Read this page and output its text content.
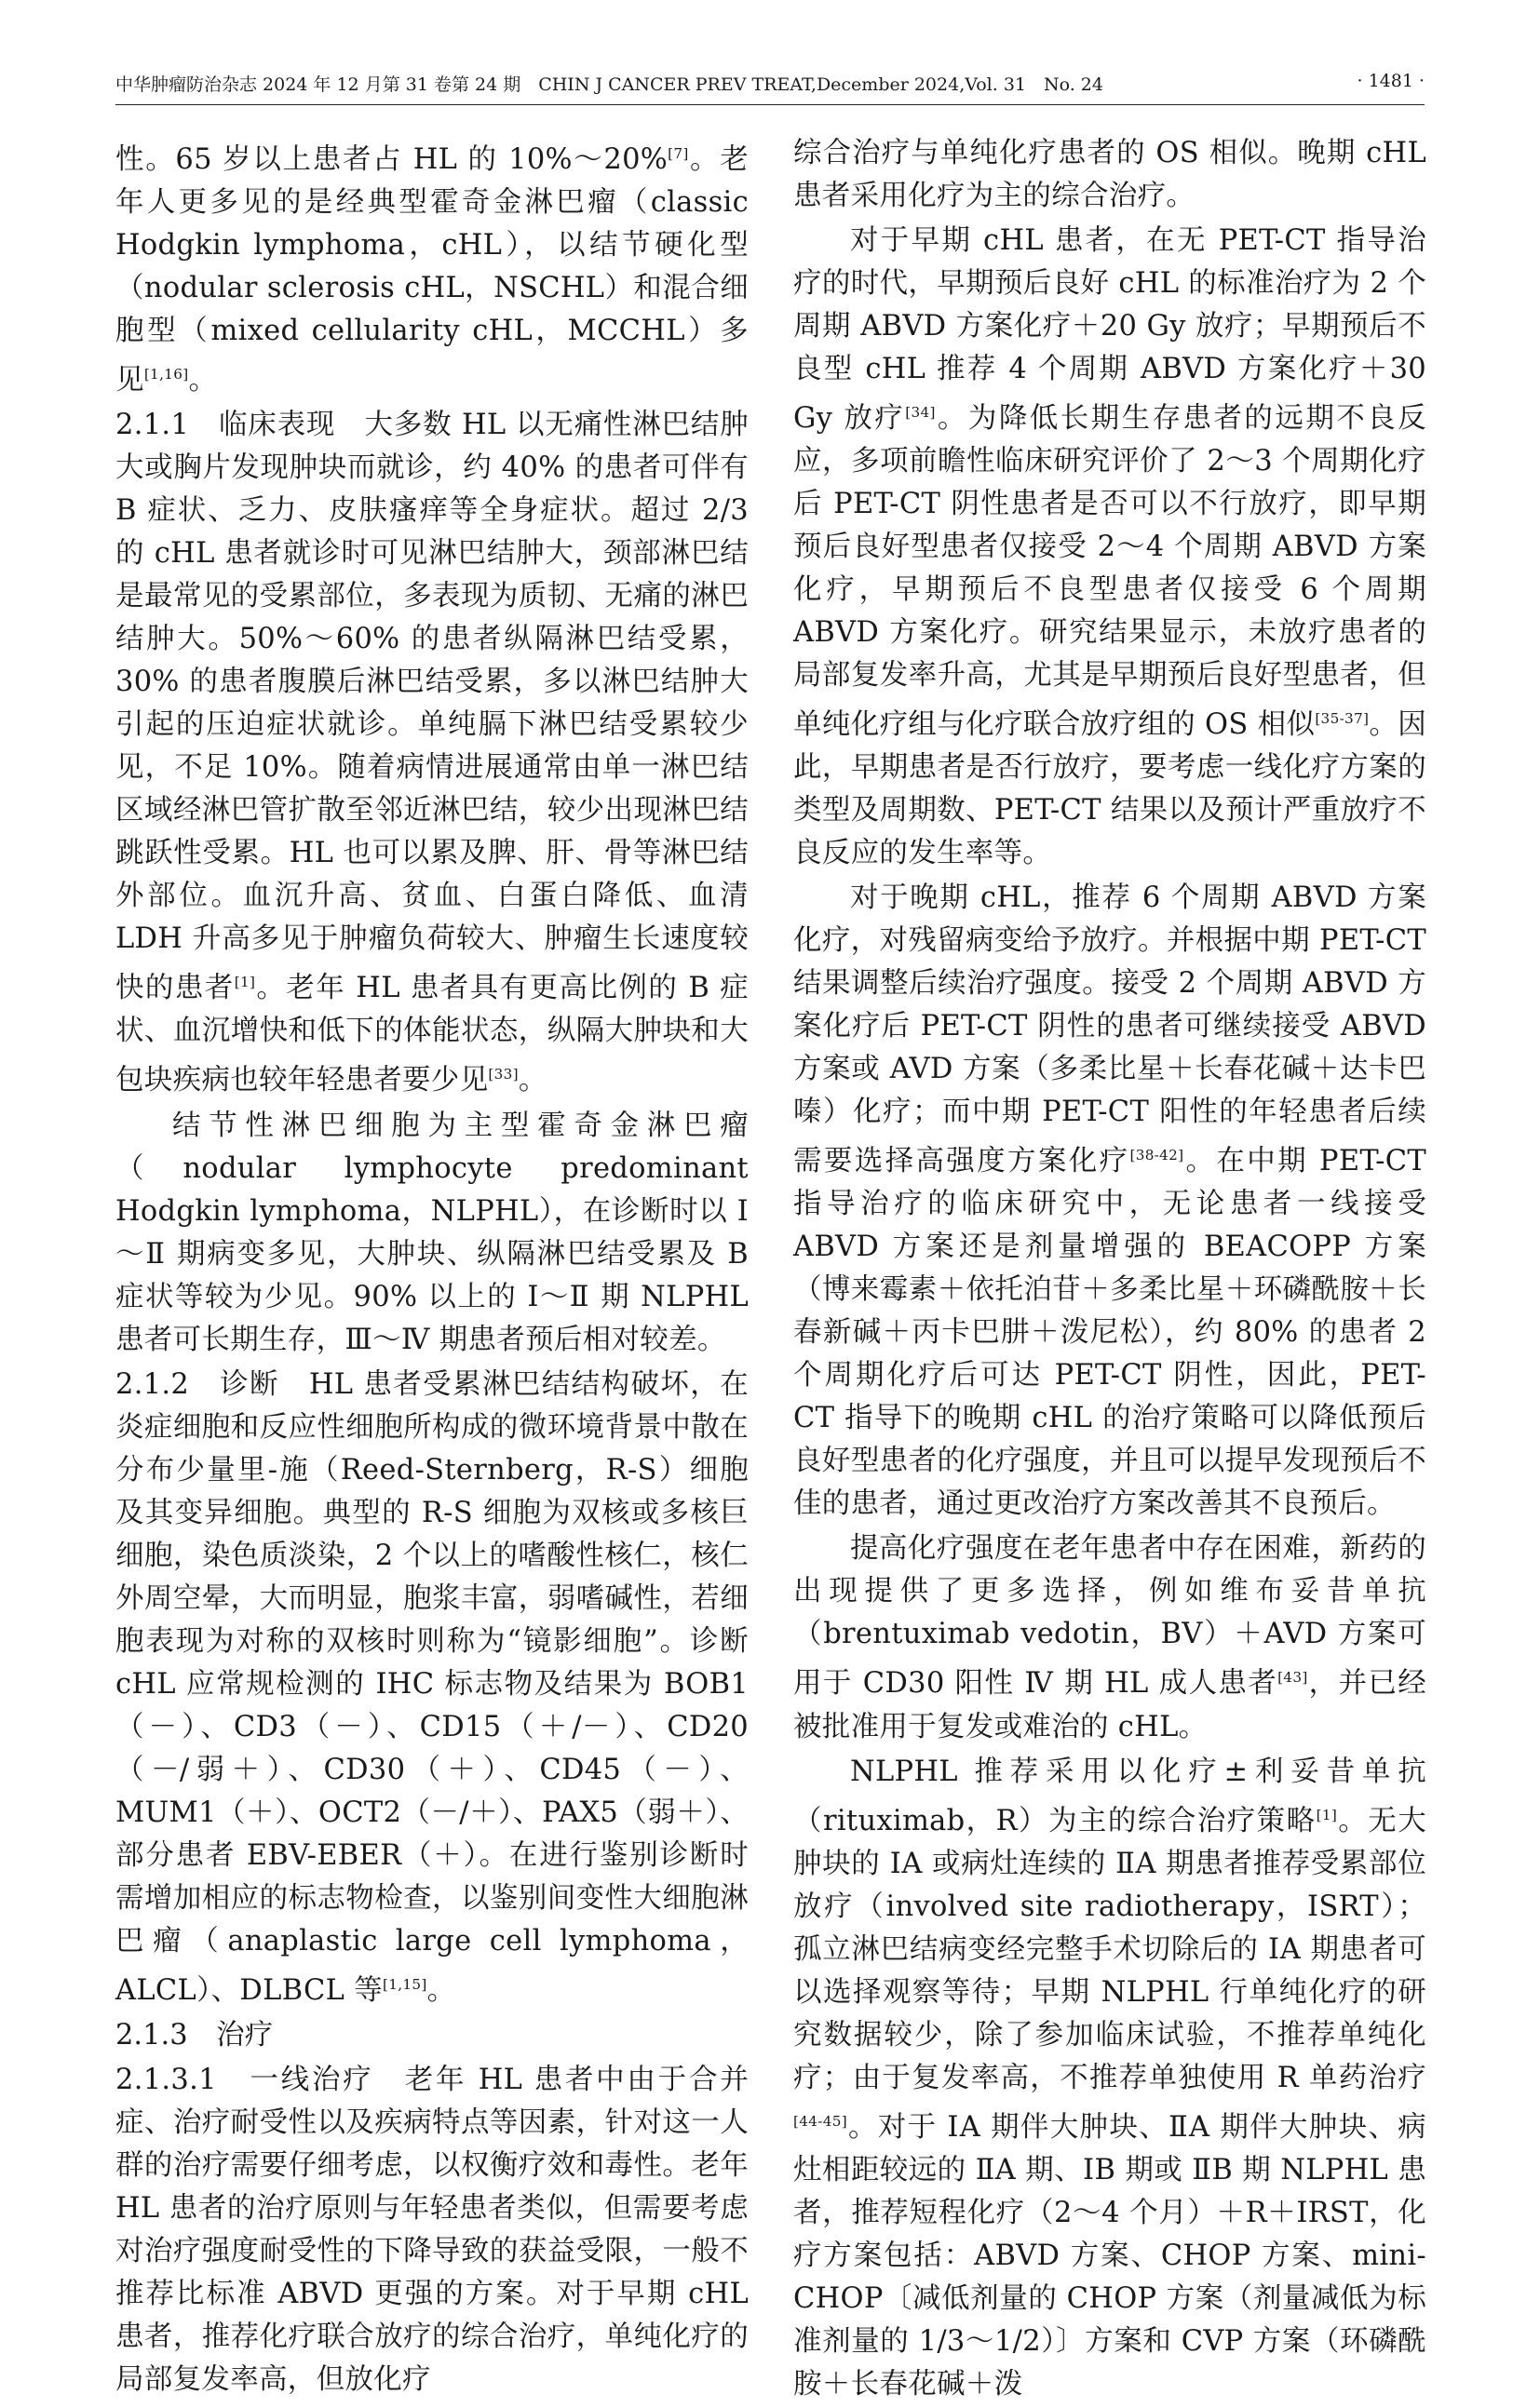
中华肿瘤防治杂志 2024 年 12 月第 31 卷第 24 期　CHIN J CANCER PREV TREAT,December 2024,Vol. 31　No. 24	· 1481 ·

性。65 岁以上患者占 HL 的 10%～20%[7]。老年人更多见的是经典型霍奇金淋巴瘤（classic Hodgkin lymphoma，cHL），以结节硬化型（nodular sclerosis cHL，NSCHL）和混合细胞型（mixed cellularity cHL，MCCHL）多见[1,16]。

2.1.1　临床表现　大多数 HL 以无痛性淋巴结肿大或胸片发现肿块而就诊，约 40% 的患者可伴有 B 症状、乏力、皮肤瘙痒等全身症状。超过 2/3 的 cHL 患者就诊时可见淋巴结肿大，颈部淋巴结是最常见的受累部位，多表现为质韧、无痛的淋巴结肿大。50%～60% 的患者纵隔淋巴结受累，30% 的患者腹膜后淋巴结受累，多以淋巴结肿大引起的压迫症状就诊。单纯膈下淋巴结受累较少见，不足 10%。随着病情进展通常由单一淋巴结区域经淋巴管扩散至邻近淋巴结，较少出现淋巴结跳跃性受累。HL 也可以累及脾、肝、骨等淋巴结外部位。血沉升高、贫血、白蛋白降低、血清 LDH 升高多见于肿瘤负荷较大、肿瘤生长速度较快的患者[1]。老年 HL 患者具有更高比例的 B 症状、血沉增快和低下的体能状态，纵隔大肿块和大包块疾病也较年轻患者要少见[33]。

结节性淋巴细胞为主型霍奇金淋巴瘤（nodular lymphocyte predominant Hodgkin lymphoma，NLPHL），在诊断时以 Ⅰ～Ⅱ 期病变多见，大肿块、纵隔淋巴结受累及 B 症状等较为少见。90% 以上的 Ⅰ～Ⅱ 期 NLPHL 患者可长期生存，Ⅲ～Ⅳ 期患者预后相对较差。

2.1.2　诊断　HL 患者受累淋巴结结构破坏，在炎症细胞和反应性细胞所构成的微环境背景中散在分布少量里-施（Reed-Sternberg，R-S）细胞及其变异细胞。典型的 R-S 细胞为双核或多核巨细胞，染色质淡染，2 个以上的嗜酸性核仁，核仁外周空晕，大而明显，胞浆丰富，弱嗜碱性，若细胞表现为对称的双核时则称为“镜影细胞”。诊断 cHL 应常规检测的 IHC 标志物及结果为 BOB1（－）、CD3（－）、CD15（＋/－）、CD20（－/弱＋）、CD30（＋）、CD45（－）、MUM1（＋）、OCT2（－/＋）、PAX5（弱＋）、部分患者 EBV-EBER（＋）。在进行鉴别诊断时需增加相应的标志物检查，以鉴别间变性大细胞淋巴瘤（anaplastic large cell lymphoma，ALCL）、DLBCL 等[1,15]。

2.1.3　治疗

2.1.3.1　一线治疗　老年 HL 患者中由于合并症、治疗耐受性以及疾病特点等因素，针对这一人群的治疗需要仔细考虑，以权衡疗效和毒性。老年 HL 患者的治疗原则与年轻患者类似，但需要考虑对治疗强度耐受性的下降导致的获益受限，一般不推荐比标准 ABVD 更强的方案。对于早期 cHL 患者，推荐化疗联合放疗的综合治疗，单纯化疗的局部复发率高，但放化疗

综合治疗与单纯化疗患者的 OS 相似。晚期 cHL 患者采用化疗为主的综合治疗。

对于早期 cHL 患者，在无 PET-CT 指导治疗的时代，早期预后良好 cHL 的标准治疗为 2 个周期 ABVD 方案化疗＋20 Gy 放疗；早期预后不良型 cHL 推荐 4 个周期 ABVD 方案化疗＋30 Gy 放疗[34]。为降低长期生存患者的远期不良反应，多项前瞻性临床研究评价了 2～3 个周期化疗后 PET-CT 阴性患者是否可以不行放疗，即早期预后良好型患者仅接受 2～4 个周期 ABVD 方案化疗，早期预后不良型患者仅接受 6 个周期 ABVD 方案化疗。研究结果显示，未放疗患者的局部复发率升高，尤其是早期预后良好型患者，但单纯化疗组与化疗联合放疗组的 OS 相似[35-37]。因此，早期患者是否行放疗，要考虑一线化疗方案的类型及周期数、PET-CT 结果以及预计严重放疗不良反应的发生率等。

对于晚期 cHL，推荐 6 个周期 ABVD 方案化疗，对残留病变给予放疗。并根据中期 PET-CT 结果调整后续治疗强度。接受 2 个周期 ABVD 方案化疗后 PET-CT 阴性的患者可继续接受 ABVD 方案或 AVD 方案（多柔比星＋长春花碱＋达卡巴嗪）化疗；而中期 PET-CT 阳性的年轻患者后续需要选择高强度方案化疗[38-42]。在中期 PET-CT 指导治疗的临床研究中，无论患者一线接受 ABVD 方案还是剂量增强的 BEACOPP 方案（博来霉素＋依托泊苷＋多柔比星＋环磷酰胺＋长春新碱＋丙卡巴肼＋泼尼松），约 80% 的患者 2 个周期化疗后可达 PET-CT 阴性，因此，PET-CT 指导下的晚期 cHL 的治疗策略可以降低预后良好型患者的化疗强度，并且可以提早发现预后不佳的患者，通过更改治疗方案改善其不良预后。

提高化疗强度在老年患者中存在困难，新药的出现提供了更多选择，例如维布妥昔单抗（brentuximab vedotin，BV）＋AVD 方案可用于 CD30 阳性 Ⅳ 期 HL 成人患者[43]，并已经被批准用于复发或难治的 cHL。

NLPHL 推荐采用以化疗±利妥昔单抗（rituximab，R）为主的综合治疗策略[1]。无大肿块的 ⅠA 或病灶连续的 ⅡA 期患者推荐受累部位放疗（involved site radiotherapy，ISRT）；孤立淋巴结病变经完整手术切除后的 ⅠA 期患者可以选择观察等待；早期 NLPHL 行单纯化疗的研究数据较少，除了参加临床试验，不推荐单纯化疗；由于复发率高，不推荐单独使用 R 单药治疗[44-45]。对于 ⅠA 期伴大肿块、ⅡA 期伴大肿块、病灶相距较远的 ⅡA 期、ⅠB 期或 ⅡB 期 NLPHL 患者，推荐短程化疗（2～4 个月）＋R＋IRST，化疗方案包括：ABVD 方案、CHOP 方案、mini-CHOP〔减低剂量的 CHOP 方案（剂量减低为标准剂量的 1/3～1/2）〕方案和 CVP 方案（环磷酰胺＋长春花碱＋泼
